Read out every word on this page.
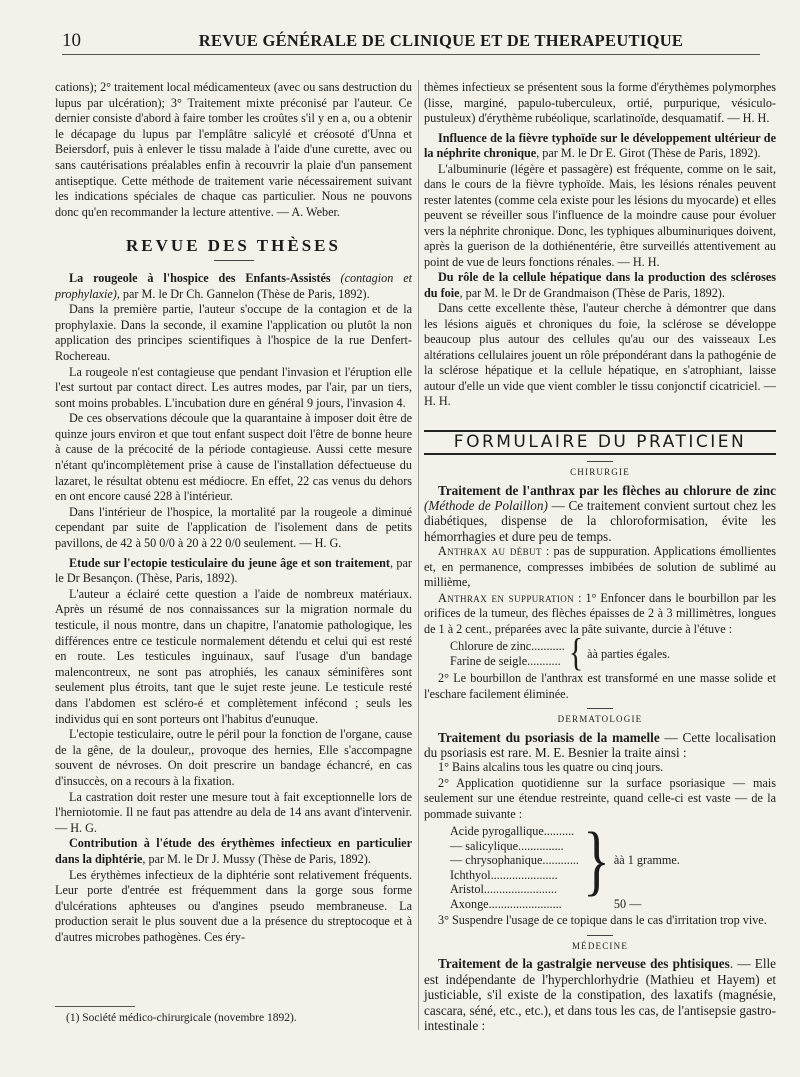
10	REVUE GÉNÉRALE DE CLINIQUE ET DE THERAPEUTIQUE

cations); 2° traitement local médicamenteux (avec ou sans destruction du lupus par ulcération); 3° Traitement mixte préconisé par l'auteur. Ce dernier consiste d'abord à faire tomber les croûtes s'il y en a, ou a obtenir le décapage du lupus par l'emplâtre salicylé et créosoté d'Unna et Beiersdorf, puis à enlever le tissu malade à l'aide d'une curette, avec ou sans cautérisations préalables enfin à recouvrir la plaie d'un pansement antiseptique. Cette méthode de traitement varie nécessairement suivant les indications spéciales de chaque cas particulier. Nous ne pouvons donc qu'en recommander la lecture attentive. — A. Weber.

REVUE DES THÈSES

La rougeole à l'hospice des Enfants-Assistés (contagion et prophylaxie), par M. le Dr Ch. Gannelon (Thèse de Paris, 1892).

Dans la première partie, l'auteur s'occupe de la contagion et de la prophylaxie. Dans la seconde, il examine l'application ou plutôt la non application des principes scientifiques à l'hospice de la rue Denfert-Rochereau.

La rougeole n'est contagieuse que pendant l'invasion et l'éruption elle l'est surtout par contact direct. Les autres modes, par l'air, par un tiers, sont moins probables. L'incubation dure en général 9 jours, l'invasion 4.

De ces observations découle que la quarantaine à imposer doit être de quinze jours environ et que tout enfant suspect doit l'être de bonne heure à cause de la précocité de la période contagieuse. Aussi cette mesure n'étant qu'incomplètement prise à cause de l'installation défectueuse du lazaret, le résultat obtenu est médiocre. En effet, 22 cas venus du dehors en ont encore causé 228 à l'intérieur.

Dans l'intérieur de l'hospice, la mortalité par la rougeole a diminué cependant par suite de l'application de l'isolement dans de petits pavillons, de 42 à 50 0/0 à 20 à 22 0/0 seulement. — H. G.

Etude sur l'ectopie testiculaire du jeune âge et son traitement, par le Dr Besançon. (Thèse, Paris, 1892).

L'auteur a éclairé cette question a l'aide de nombreux matériaux. Après un résumé de nos connaissances sur la migration normale du testicule, il nous montre, dans un chapitre, l'anatomie pathologique, les différences entre ce testicule normalement détendu et celui qui est resté en route. Les testicules inguinaux, sauf l'usage d'un bandage malencontreux, ne sont pas atrophiés, les canaux séminifères sont seulement plus étroits, tant que le sujet reste jeune. Le testicule resté dans l'abdomen est scléro-é et complètement infécond ; seuls les individus qui en sont porteurs ont l'habitus d'eunuque.

L'ectopie testiculaire, outre le péril pour la fonction de l'organe, cause de la gêne, de la douleur,, provoque des hernies, Elle s'accompagne souvent de névroses. On doit prescrire un bandage échancré, en cas d'insuccès, on a recours à la fixation.

La castration doit rester une mesure tout à fait exceptionnelle lors de l'herniotomie. Il ne faut pas attendre au dela de 14 ans avant d'intervenir. — H. G.

Contribution à l'étude des érythèmes infectieux en particulier dans la diphtérie, par M. le Dr J. Mussy (Thèse de Paris, 1892).

Les érythèmes infectieux de la diphtérie sont relativement fréquents. Leur porte d'entrée est fréquemment dans la gorge sous forme d'ulcérations aphteuses ou d'angines pseudo membraneuse. La production serait le plus souvent due a la présence du streptocoque et à d'autres microbes pathogènes. Ces éry-

thèmes infectieux se présentent sous la forme d'érythèmes polymorphes (lisse, marginé, papulo-tuberculeux, ortié, purpurique, vésiculo-pustuleux) d'érythème rubéolique, scarlatinoïde, desquamatif. — H. H.

Influence de la fièvre typhoïde sur le développement ultérieur de la néphrite chronique, par M. le Dr E. Girot (Thèse de Paris, 1892).

L'albuminurie (légère et passagère) est fréquente, comme on le sait, dans le cours de la fièvre typhoïde. Mais, les lésions rénales peuvent rester latentes (comme cela existe pour les lésions du myocarde) et elles peuvent se réveiller sous l'influence de la moindre cause pour évoluer vers la néphrite chronique. Donc, les typhiques albuminuriques doivent, après la guerison de la dothiénentérie, être surveillés attentivement au point de vue de leurs fonctions rénales. — H. H.

Du rôle de la cellule hépatique dans la production des scléroses du foie, par M. le Dr de Grandmaison (Thèse de Paris, 1892).

Dans cette excellente thèse, l'auteur cherche à démontrer que dans les lésions aiguës et chroniques du foie, la sclérose se développe beaucoup plus autour des cellules qu'au our des vaisseaux Les altérations cellulaires jouent un rôle prépondérant dans la pathogénie de la sclérose hépatique et la cellule hépatique, en s'atrophiant, laisse autour d'elle un vide que vient combler le tissu conjonctif cicatriciel. — H. H.

FORMULAIRE DU PRATICIEN
CHIRURGIE

Traitement de l'anthrax par les flèches au chlorure de zinc (Méthode de Polaillon) — Ce traitement convient surtout chez les diabétiques, dispense de la chloroformisation, évite les hémorrhagies et dure peu de temps.

Anthrax au début : pas de suppuration. Applications émollientes et, en permanence, compresses imbibées de solution de sublimé au millième,

Anthrax en suppuration : 1° Enfoncer dans le bourbillon par les orifices de la tumeur, des flèches épaisses de 2 à 3 millimètres, longues de 1 à 2 cent., préparées avec la pâte suivante, durcie à l'étuve :

Chlorure de zinc...........	{	àà parties égales.
Farine de seigle...........

2° Le bourbillon de l'anthrax est transformé en une masse solide et l'eschare facilement éliminée.

DERMATOLOGIE

Traitement du psoriasis de la mamelle — Cette localisation du psoriasis est rare. M. E. Besnier la traite ainsi :

1° Bains alcalins tous les quatre ou cinq jours.

2° Application quotidienne sur la surface psoriasique — mais seulement sur une étendue restreinte, quand celle-ci est vaste — de la pommade suivante :

Acide pyrogallique..........	}	àà 1 gramme.
— salicylique...............		
— chrysophanique............		
Ichthyol......................		
Aristol........................		
Axonge........................		50 —

3° Suspendre l'usage de ce topique dans le cas d'irritation trop vive.

MÉDECINE

Traitement de la gastralgie nerveuse des phtisiques. — Elle est indépendante de l'hyperchlorhydrie (Mathieu et Hayem) et justiciable, s'il existe de la constipation, des laxatifs (magnésie, cascara, séné, etc., etc.), et dans tous les cas, de l'antisepsie gastro-intestinale :

(1) Société médico-chirurgicale (novembre 1892).
